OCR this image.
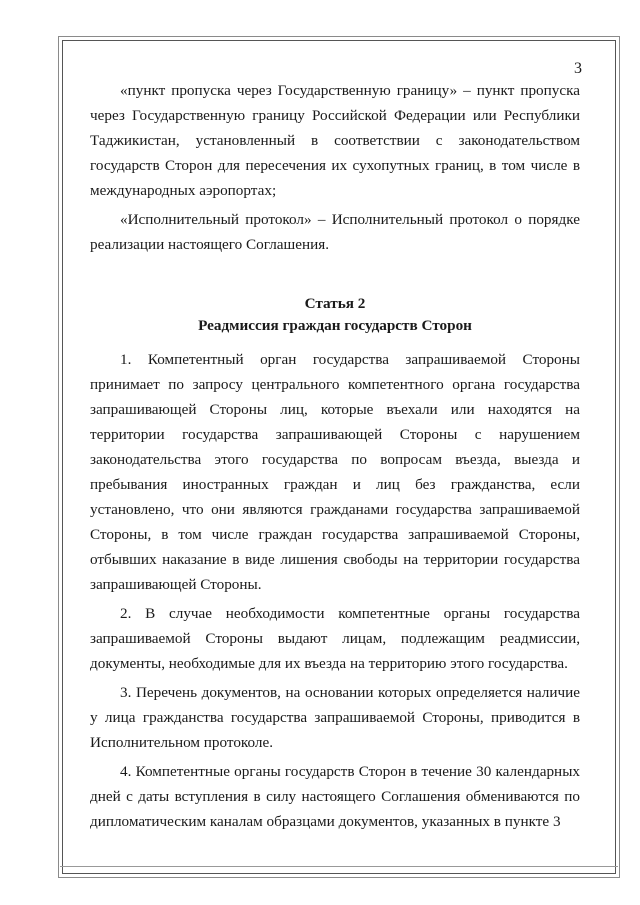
3

«пункт пропуска через Государственную границу» – пункт пропуска через Государственную границу Российской Федерации или Республики Таджикистан, установленный в соответствии с законодательством государств Сторон для пересечения их сухопутных границ, в том числе в международных аэропортах;

«Исполнительный протокол» – Исполнительный протокол о порядке реализации настоящего Соглашения.

Статья 2
Реадмиссия граждан государств Сторон

1. Компетентный орган государства запрашиваемой Стороны принимает по запросу центрального компетентного органа государства запрашивающей Стороны лиц, которые въехали или находятся на территории государства запрашивающей Стороны с нарушением законодательства этого государства по вопросам въезда, выезда и пребывания иностранных граждан и лиц без гражданства, если установлено, что они являются гражданами государства запрашиваемой Стороны, в том числе граждан государства запрашиваемой Стороны, отбывших наказание в виде лишения свободы на территории государства запрашивающей Стороны.

2. В случае необходимости компетентные органы государства запрашиваемой Стороны выдают лицам, подлежащим реадмиссии, документы, необходимые для их въезда на территорию этого государства.

3. Перечень документов, на основании которых определяется наличие у лица гражданства государства запрашиваемой Стороны, приводится в Исполнительном протоколе.

4. Компетентные органы государств Сторон в течение 30 календарных дней с даты вступления в силу настоящего Соглашения обмениваются по дипломатическим каналам образцами документов, указанных в пункте 3
